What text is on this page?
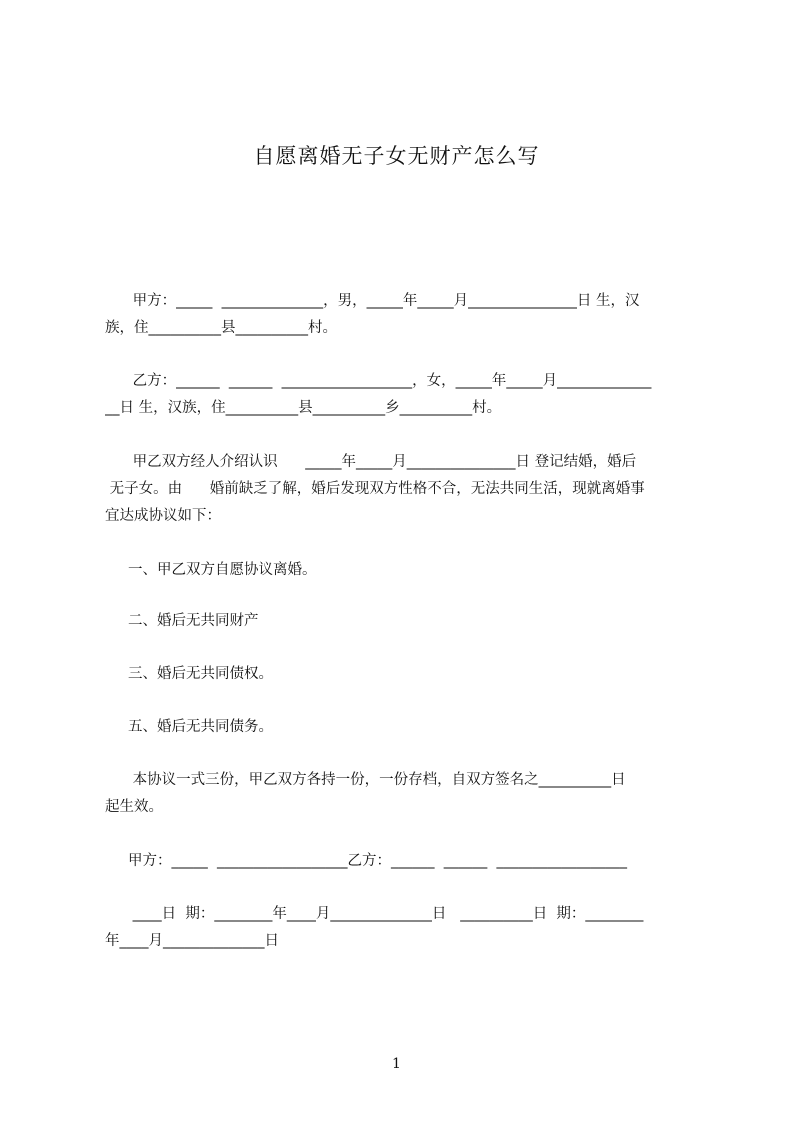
自愿离婚无子女无财产怎么写
甲方：_____  ______________，男，_____年_____月_______________日 生，汉
族，住__________县__________村。
乙方：______  ______  __________________，女，_____年_____月_____________
__日 生，汉族，住__________县__________乡__________村。
甲乙双方经人介绍认识      _____年_____月_______________日 登记结婚，婚后
无子女。由      婚前缺乏了解，婚后发现双方性格不合，无法共同生活，现就离婚事
宜达成协议如下：
一、甲乙双方自愿协议离婚。
二、婚后无共同财产
三、婚后无共同债权。
五、婚后无共同债务。
本协议一式三份，甲乙双方各持一份，一份存档，自双方签名之__________日
起生效。
甲方：_____  __________________乙方：______  ______  __________________
____日  期：________年____月______________日   __________日  期：________
年____月______________日
1
